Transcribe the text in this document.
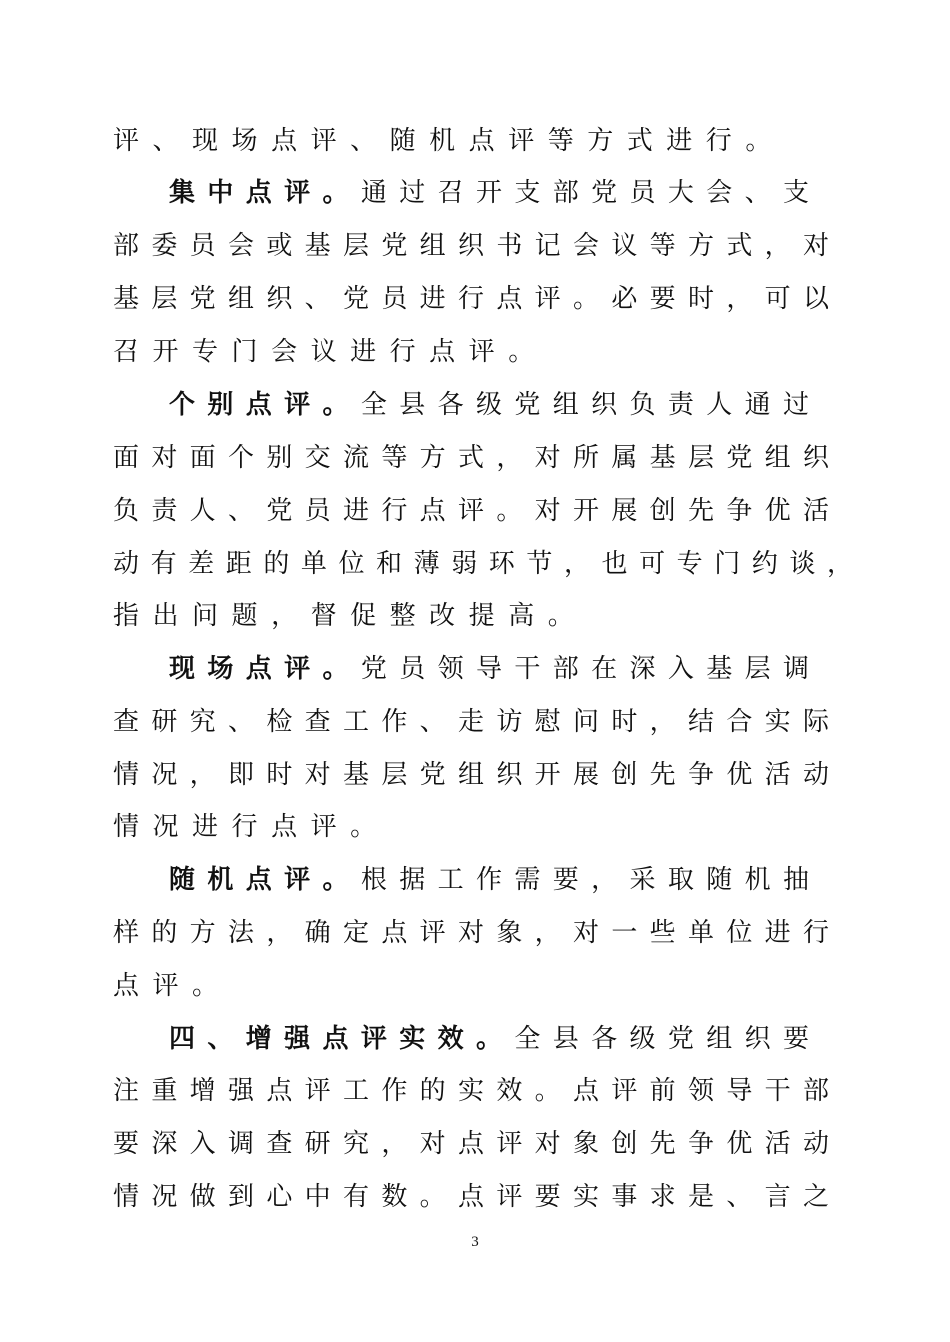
评、现场点评、随机点评等方式进行。
集中点评。通过召开支部党员大会、支
部委员会或基层党组织书记会议等方式，对
基层党组织、党员进行点评。必要时，可以
召开专门会议进行点评。
个别点评。全县各级党组织负责人通过
面对面个别交流等方式，对所属基层党组织
负责人、党员进行点评。对开展创先争优活
动有差距的单位和薄弱环节，也可专门约谈，
指出问题，督促整改提高。
现场点评。党员领导干部在深入基层调
查研究、检查工作、走访慰问时，结合实际
情况，即时对基层党组织开展创先争优活动
情况进行点评。
随机点评。根据工作需要，采取随机抽
样的方法，确定点评对象，对一些单位进行
点评。
四、增强点评实效。全县各级党组织要
注重增强点评工作的实效。点评前领导干部
要深入调查研究，对点评对象创先争优活动
情况做到心中有数。点评要实事求是、言之
3
